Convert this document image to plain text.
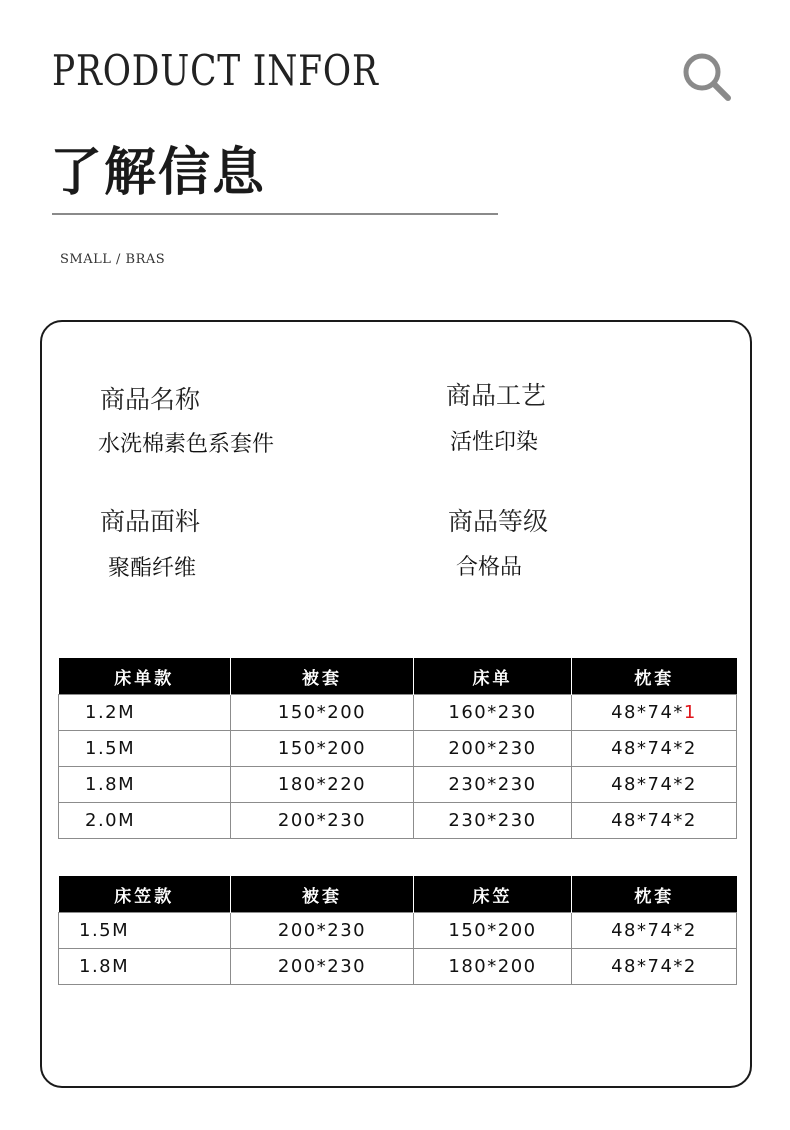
PRODUCT INFOR
了解信息
SMALL / BRAS
商品名称
水洗棉素色系套件
商品工艺
活性印染
商品面料
聚酯纤维
商品等级
合格品
床单款	被套	床单	枕套
1.2M	150*200	160*230	48*74*1
1.5M	150*200	200*230	48*74*2
1.8M	180*220	230*230	48*74*2
2.0M	200*230	230*230	48*74*2
床笠款	被套	床笠	枕套
1.5M	200*230	150*200	48*74*2
1.8M	200*230	180*200	48*74*2
